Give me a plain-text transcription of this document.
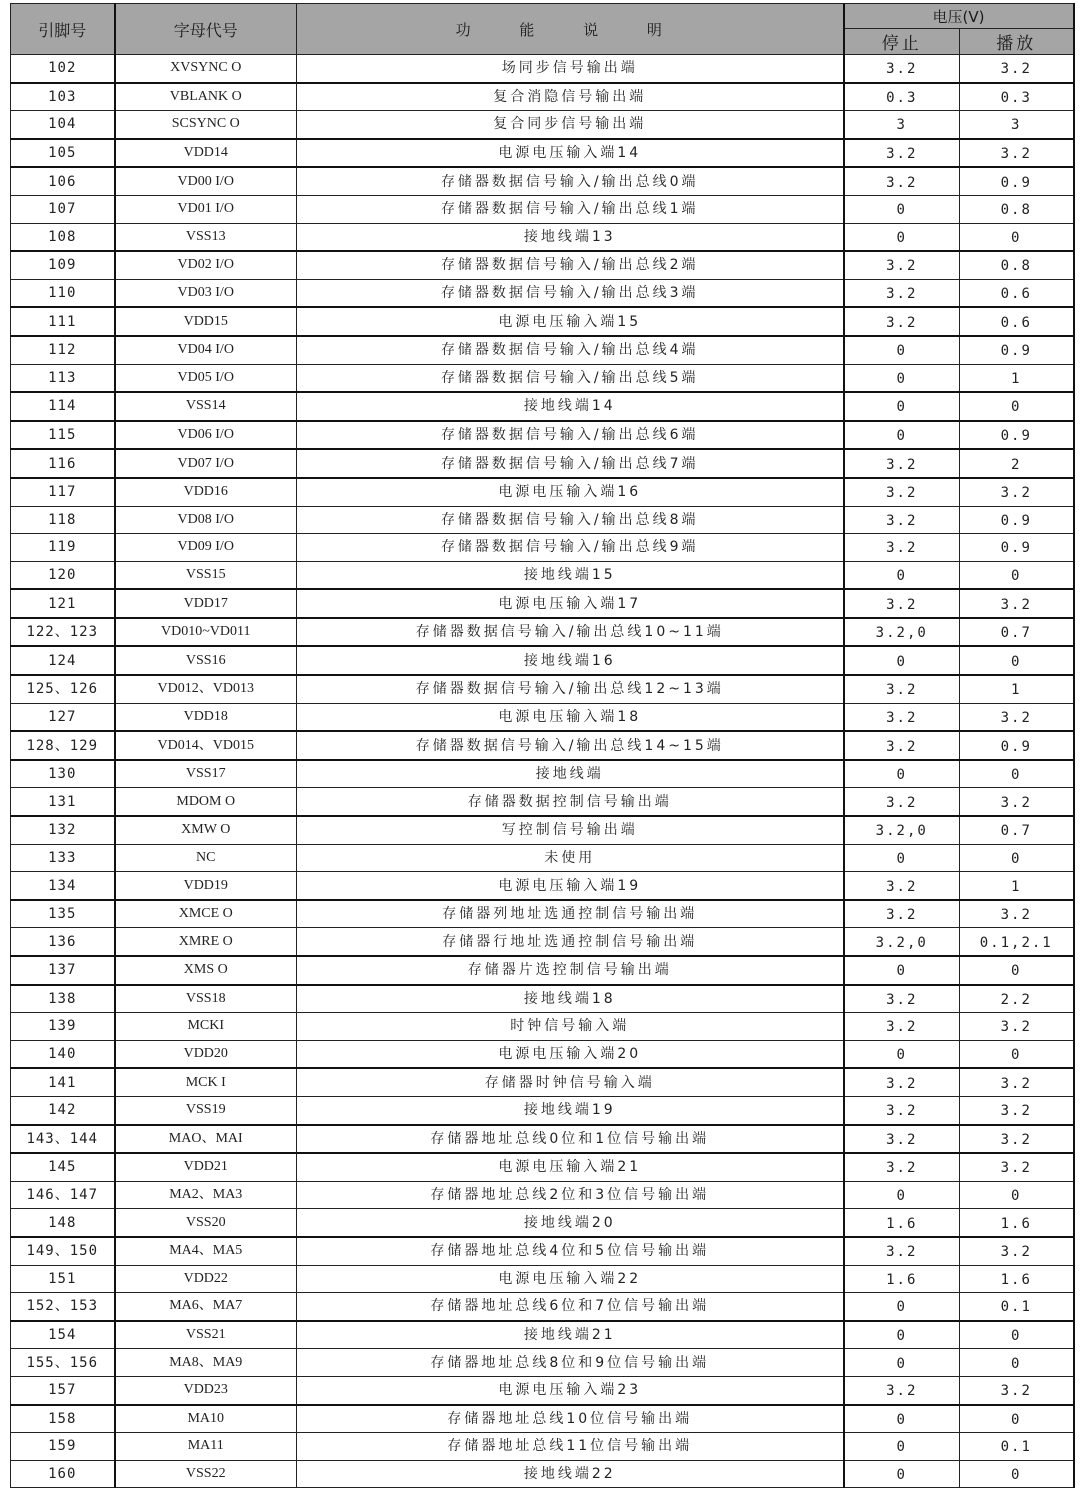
引脚号	字母代号	功 能 说 明	电压(V)	
			停止	播放
102	XVSYNC O	场同步信号输出端	3.2	3.2
103	VBLANK O	复合消隐信号输出端	0.3	0.3
104	SCSYNC O	复合同步信号输出端	3	3
105	VDD14	电源电压输入端14	3.2	3.2
106	VD00 I/O	存储器数据信号输入/输出总线0端	3.2	0.9
107	VD01 I/O	存储器数据信号输入/输出总线1端	0	0.8
108	VSS13	接地线端13	0	0
109	VD02 I/O	存储器数据信号输入/输出总线2端	3.2	0.8
110	VD03 I/O	存储器数据信号输入/输出总线3端	3.2	0.6
111	VDD15	电源电压输入端15	3.2	0.6
112	VD04 I/O	存储器数据信号输入/输出总线4端	0	0.9
113	VD05 I/O	存储器数据信号输入/输出总线5端	0	1
114	VSS14	接地线端14	0	0
115	VD06 I/O	存储器数据信号输入/输出总线6端	0	0.9
116	VD07 I/O	存储器数据信号输入/输出总线7端	3.2	2
117	VDD16	电源电压输入端16	3.2	3.2
118	VD08 I/O	存储器数据信号输入/输出总线8端	3.2	0.9
119	VD09 I/O	存储器数据信号输入/输出总线9端	3.2	0.9
120	VSS15	接地线端15	0	0
121	VDD17	电源电压输入端17	3.2	3.2
122、123	VD010~VD011	存储器数据信号输入/输出总线10~11端	3.2,0	0.7
124	VSS16	接地线端16	0	0
125、126	VD012、VD013	存储器数据信号输入/输出总线12~13端	3.2	1
127	VDD18	电源电压输入端18	3.2	3.2
128、129	VD014、VD015	存储器数据信号输入/输出总线14~15端	3.2	0.9
130	VSS17	接地线端	0	0
131	MDOM O	存储器数据控制信号输出端	3.2	3.2
132	XMW O	写控制信号输出端	3.2,0	0.7
133	NC	未使用	0	0
134	VDD19	电源电压输入端19	3.2	1
135	XMCE O	存储器列地址选通控制信号输出端	3.2	3.2
136	XMRE O	存储器行地址选通控制信号输出端	3.2,0	0.1,2.1
137	XMS O	存储器片选控制信号输出端	0	0
138	VSS18	接地线端18	3.2	2.2
139	MCKI	时钟信号输入端	3.2	3.2
140	VDD20	电源电压输入端20	0	0
141	MCK I	存储器时钟信号输入端	3.2	3.2
142	VSS19	接地线端19	3.2	3.2
143、144	MAO、MAI	存储器地址总线0位和1位信号输出端	3.2	3.2
145	VDD21	电源电压输入端21	3.2	3.2
146、147	MA2、MA3	存储器地址总线2位和3位信号输出端	0	0
148	VSS20	接地线端20	1.6	1.6
149、150	MA4、MA5	存储器地址总线4位和5位信号输出端	3.2	3.2
151	VDD22	电源电压输入端22	1.6	1.6
152、153	MA6、MA7	存储器地址总线6位和7位信号输出端	0	0.1
154	VSS21	接地线端21	0	0
155、156	MA8、MA9	存储器地址总线8位和9位信号输出端	0	0
157	VDD23	电源电压输入端23	3.2	3.2
158	MA10	存储器地址总线10位信号输出端	0	0
159	MA11	存储器地址总线11位信号输出端	0	0.1
160	VSS22	接地线端22	0	0
